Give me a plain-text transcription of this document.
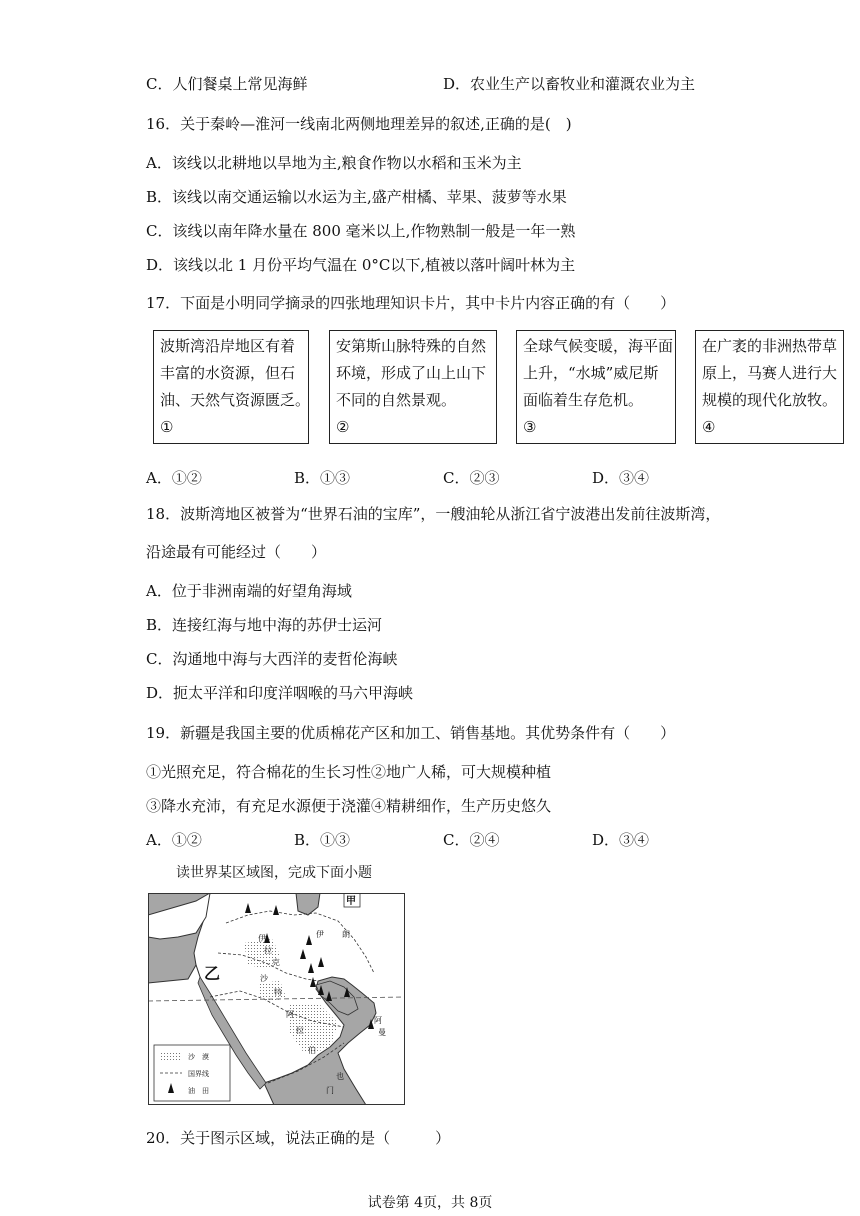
C．人们餐桌上常见海鲜	D．农业生产以畜牧业和灌溉农业为主
16．关于秦岭—淮河一线南北两侧地理差异的叙述,正确的是(　)
A．该线以北耕地以旱地为主,粮食作物以水稻和玉米为主
B．该线以南交通运输以水运为主,盛产柑橘、苹果、菠萝等水果
C．该线以南年降水量在 800 毫米以上,作物熟制一般是一年一熟
D．该线以北 1 月份平均气温在 0°C以下,植被以落叶阔叶林为主
17．下面是小明同学摘录的四张地理知识卡片，其中卡片内容正确的有（　　）
波斯湾沿岸地区有着
丰富的水资源，但石
油、天然气资源匮乏。
①
安第斯山脉特殊的自然
环境，形成了山上山下
不同的自然景观。
②
全球气候变暖，海平面
上升，“水城”威尼斯
面临着生存危机。
③
在广袤的非洲热带草
原上，马赛人进行大
规模的现代化放牧。
④
A．①②	B．①③	C．②③	D．③④
18．波斯湾地区被誉为“世界石油的宝库”，一艘油轮从浙江省宁波港出发前往波斯湾，
沿途最有可能经过（　　）
A．位于非洲南端的好望角海域
B．连接红海与地中海的苏伊士运河
C．沟通地中海与大西洋的麦哲伦海峡
D．扼太平洋和印度洋咽喉的马六甲海峡
19．新疆是我国主要的优质棉花产区和加工、销售基地。其优势条件有（　　）
①光照充足，符合棉花的生长习性②地广人稀，可大规模种植
③降水充沛，有充足水源便于浇灌④精耕细作，生产历史悠久
A．①②	B．①③	C．②④	D．③④
读世界某区域图，完成下面小题
伊
拉
克
伊 朗
沙
特
阿
拉
伯
阿
曼
也
门
甲
乙
沙　漠
国界线
油　田
20．关于图示区域，说法正确的是（　　　）
试卷第 4页，共 8页
